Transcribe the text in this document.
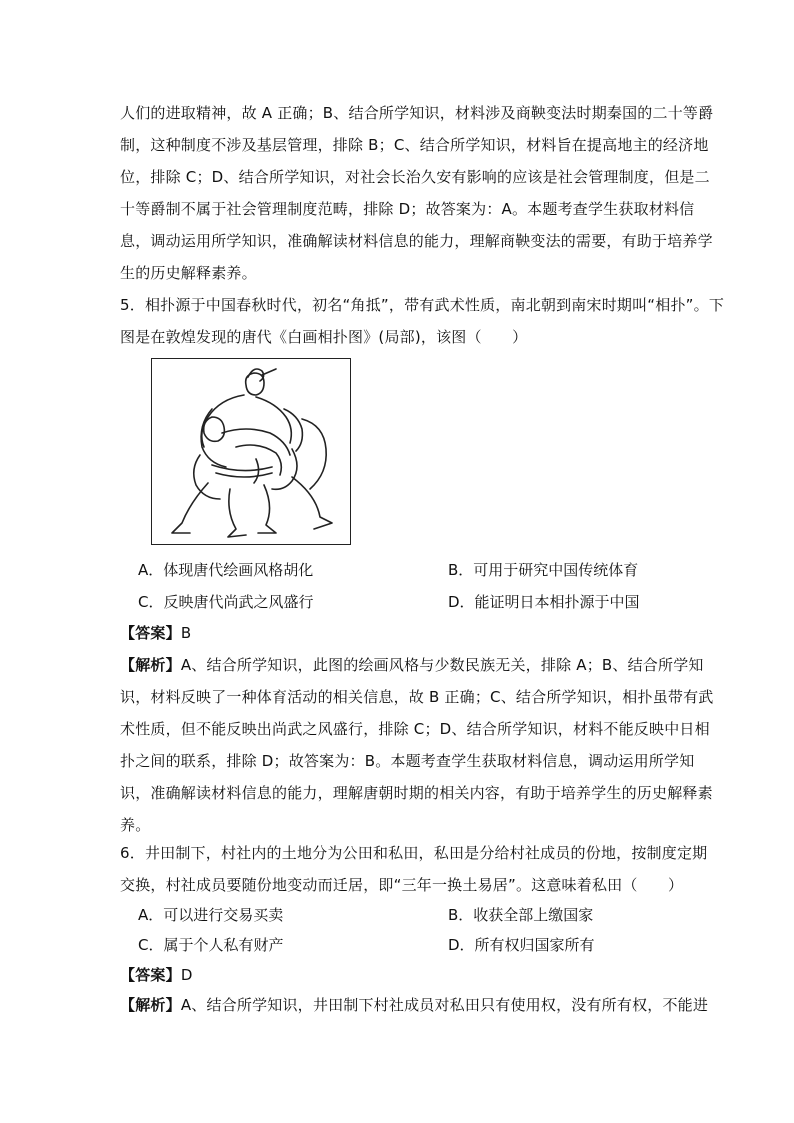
人们的进取精神，故 A 正确；B、结合所学知识，材料涉及商鞅变法时期秦国的二十等爵
制，这种制度不涉及基层管理，排除 B；C、结合所学知识，材料旨在提高地主的经济地
位，排除 C；D、结合所学知识，对社会长治久安有影响的应该是社会管理制度，但是二
十等爵制不属于社会管理制度范畴，排除 D；故答案为：A。本题考查学生获取材料信
息，调动运用所学知识，准确解读材料信息的能力，理解商鞅变法的需要，有助于培养学
生的历史解释素养。
5．相扑源于中国春秋时代，初名“角抵”，带有武术性质，南北朝到南宋时期叫“相扑”。下
图是在敦煌发现的唐代《白画相扑图》(局部)，该图（　　）
A．体现唐代绘画风格胡化	B．可用于研究中国传统体育
C．反映唐代尚武之风盛行	D．能证明日本相扑源于中国
【答案】B
【解析】A、结合所学知识，此图的绘画风格与少数民族无关，排除 A；B、结合所学知
识，材料反映了一种体育活动的相关信息，故 B 正确；C、结合所学知识，相扑虽带有武
术性质，但不能反映出尚武之风盛行，排除 C；D、结合所学知识，材料不能反映中日相
扑之间的联系，排除 D；故答案为：B。本题考查学生获取材料信息，调动运用所学知
识，准确解读材料信息的能力，理解唐朝时期的相关内容，有助于培养学生的历史解释素
养。
6．井田制下，村社内的土地分为公田和私田，私田是分给村社成员的份地，按制度定期
交换，村社成员要随份地变动而迁居，即“三年一换土易居”。这意味着私田（　　）
A．可以进行交易买卖	B．收获全部上缴国家
C．属于个人私有财产	D．所有权归国家所有
【答案】D
【解析】A、结合所学知识，井田制下村社成员对私田只有使用权，没有所有权，不能进
